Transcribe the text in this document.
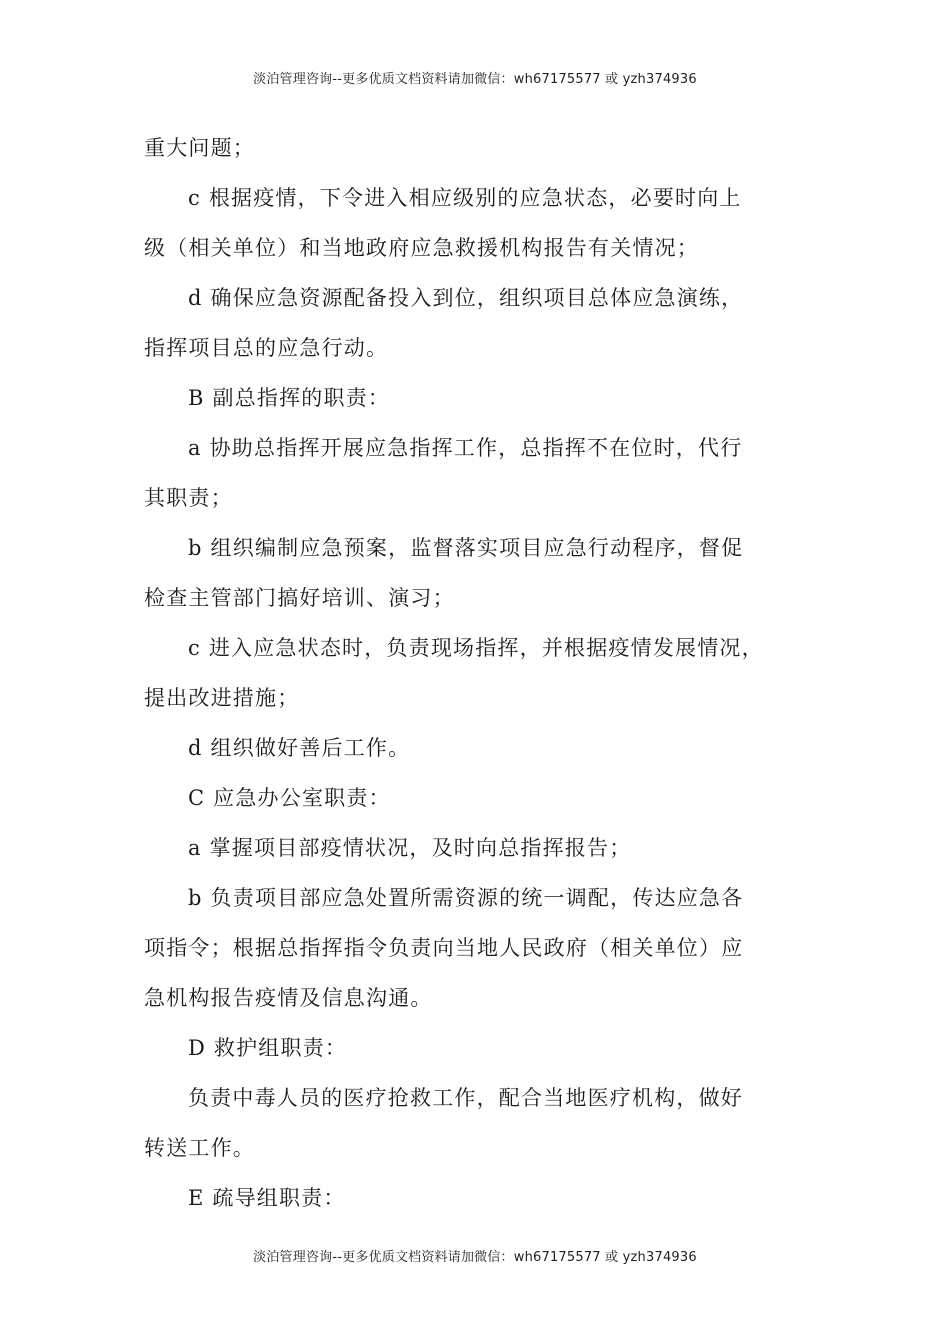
淡泊管理咨询--更多优质文档资料请加微信：wh67175577 或 yzh374936
重大问题；
c 根据疫情，下令进入相应级别的应急状态，必要时向上
级（相关单位）和当地政府应急救援机构报告有关情况；
d 确保应急资源配备投入到位，组织项目总体应急演练，
指挥项目总的应急行动。
B 副总指挥的职责：
a 协助总指挥开展应急指挥工作，总指挥不在位时，代行
其职责；
b 组织编制应急预案，监督落实项目应急行动程序，督促
检查主管部门搞好培训、演习；
c 进入应急状态时，负责现场指挥，并根据疫情发展情况，
提出改进措施；
d 组织做好善后工作。
C 应急办公室职责：
a 掌握项目部疫情状况，及时向总指挥报告；
b 负责项目部应急处置所需资源的统一调配，传达应急各
项指令；根据总指挥指令负责向当地人民政府（相关单位）应
急机构报告疫情及信息沟通。
D 救护组职责：
负责中毒人员的医疗抢救工作，配合当地医疗机构，做好
转送工作。
E 疏导组职责：
淡泊管理咨询--更多优质文档资料请加微信：wh67175577 或 yzh374936
